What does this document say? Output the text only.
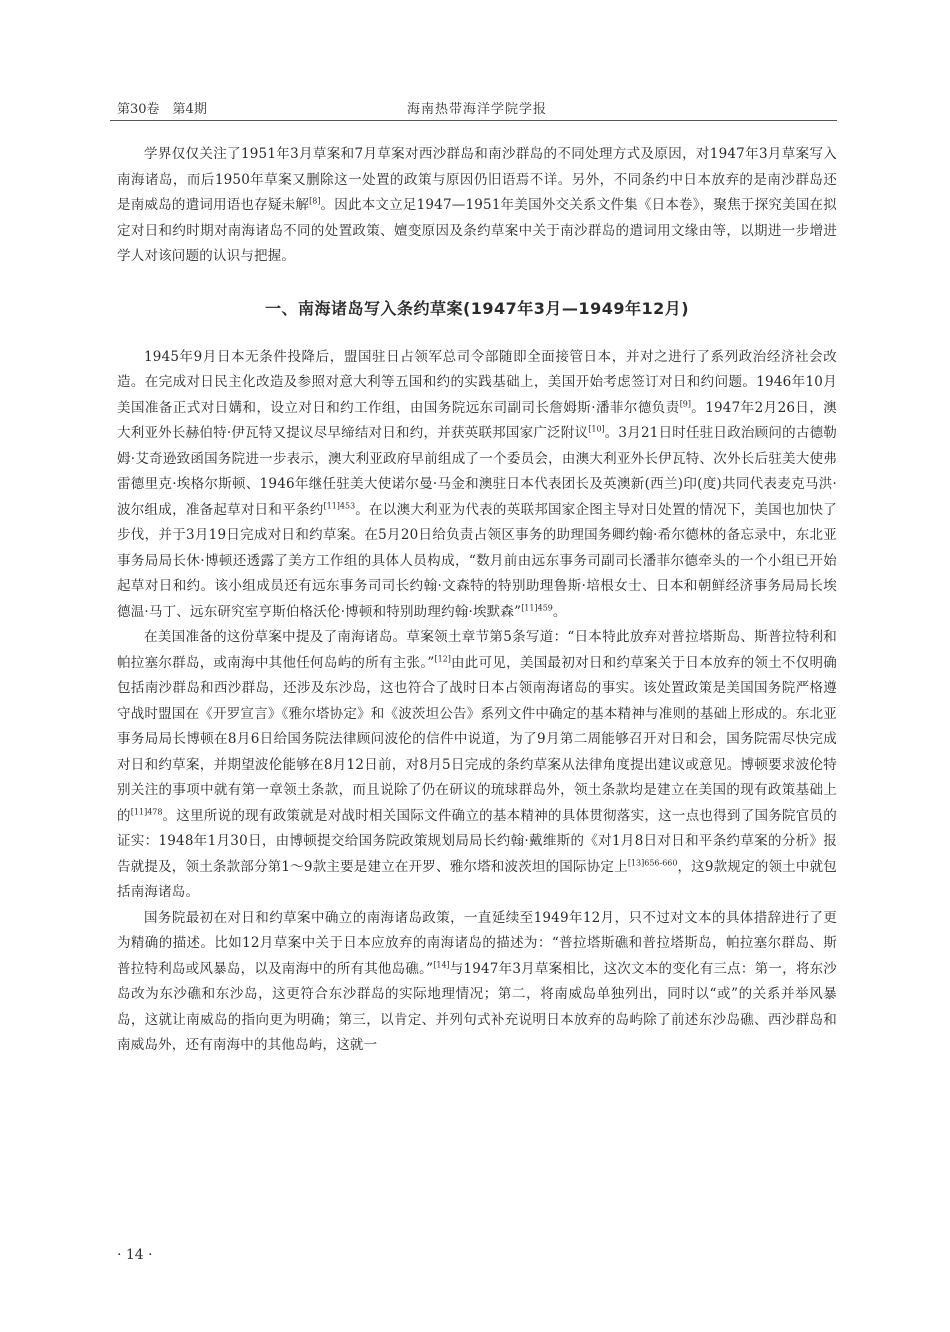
第30卷　第4期	海南热带海洋学院学报

学界仅仅关注了1951年3月草案和7月草案对西沙群岛和南沙群岛的不同处理方式及原因，对1947年3月草案写入南海诸岛，而后1950年草案又删除这一处置的政策与原因仍旧语焉不详。另外，不同条约中日本放弃的是南沙群岛还是南威岛的遣词用语也存疑未解[8]。因此本文立足1947—1951年美国外交关系文件集《日本卷》，聚焦于探究美国在拟定对日和约时期对南海诸岛不同的处置政策、嬗变原因及条约草案中关于南沙群岛的遣词用文缘由等，以期进一步增进学人对该问题的认识与把握。

一、南海诸岛写入条约草案(1947年3月—1949年12月)

1945年9月日本无条件投降后，盟国驻日占领军总司令部随即全面接管日本，并对之进行了系列政治经济社会改造。在完成对日民主化改造及参照对意大利等五国和约的实践基础上，美国开始考虑签订对日和约问题。1946年10月美国准备正式对日媾和，设立对日和约工作组，由国务院远东司副司长詹姆斯·潘菲尔德负责[9]。1947年2月26日，澳大利亚外长赫伯特·伊瓦特又提议尽早缔结对日和约，并获英联邦国家广泛附议[10]。3月21日时任驻日政治顾问的古德勒姆·艾奇逊致函国务院进一步表示，澳大利亚政府早前组成了一个委员会，由澳大利亚外长伊瓦特、次外长后驻美大使弗雷德里克·埃格尔斯顿、1946年继任驻美大使诺尔曼·马金和澳驻日本代表团长及英澳新(西兰)印(度)共同代表麦克马洪·波尔组成，准备起草对日和平条约$^{[11]453}$。在以澳大利亚为代表的英联邦国家企图主导对日处置的情况下，美国也加快了步伐，并于3月19日完成对日和约草案。在5月20日给负责占领区事务的助理国务卿约翰·希尔德林的备忘录中，东北亚事务局局长休·博顿还透露了美方工作组的具体人员构成，“数月前由远东事务司副司长潘菲尔德牵头的一个小组已开始起草对日和约。该小组成员还有远东事务司司长约翰·文森特的特别助理鲁斯·培根女士、日本和朝鲜经济事务局局长埃德温·马丁、远东研究室亨斯伯格沃伦·博顿和特别助理约翰·埃默森”$^{[11]459}$。

在美国准备的这份草案中提及了南海诸岛。草案领土章节第5条写道：“日本特此放弃对普拉塔斯岛、斯普拉特利和帕拉塞尔群岛，或南海中其他任何岛屿的所有主张。”[12]由此可见，美国最初对日和约草案关于日本放弃的领土不仅明确包括南沙群岛和西沙群岛，还涉及东沙岛，这也符合了战时日本占领南海诸岛的事实。该处置政策是美国国务院严格遵守战时盟国在《开罗宣言》《雅尔塔协定》和《波茨坦公告》系列文件中确定的基本精神与准则的基础上形成的。东北亚事务局局长博顿在8月6日给国务院法律顾问波伦的信件中说道，为了9月第二周能够召开对日和会，国务院需尽快完成对日和约草案，并期望波伦能够在8月12日前，对8月5日完成的条约草案从法律角度提出建议或意见。博顿要求波伦特别关注的事项中就有第一章领土条款，而且说除了仍在研议的琉球群岛外，领土条款均是建立在美国的现有政策基础上的$^{[11]478}$。这里所说的现有政策就是对战时相关国际文件确立的基本精神的具体贯彻落实，这一点也得到了国务院官员的证实：1948年1月30日，由博顿提交给国务院政策规划局局长约翰·戴维斯的《对1月8日对日和平条约草案的分析》报告就提及，领土条款部分第1～9款主要是建立在开罗、雅尔塔和波茨坦的国际协定上$^{[13]656-660}$，这9款规定的领土中就包括南海诸岛。

国务院最初在对日和约草案中确立的南海诸岛政策，一直延续至1949年12月，只不过对文本的具体措辞进行了更为精确的描述。比如12月草案中关于日本应放弃的南海诸岛的描述为：“普拉塔斯礁和普拉塔斯岛，帕拉塞尔群岛、斯普拉特利岛或风暴岛，以及南海中的所有其他岛礁。”[14]与1947年3月草案相比，这次文本的变化有三点：第一，将东沙岛改为东沙礁和东沙岛，这更符合东沙群岛的实际地理情况；第二，将南威岛单独列出，同时以“或”的关系并举风暴岛，这就让南威岛的指向更为明确；第三，以肯定、并列句式补充说明日本放弃的岛屿除了前述东沙岛礁、西沙群岛和南威岛外，还有南海中的其他岛屿，这就一

· 14 ·
